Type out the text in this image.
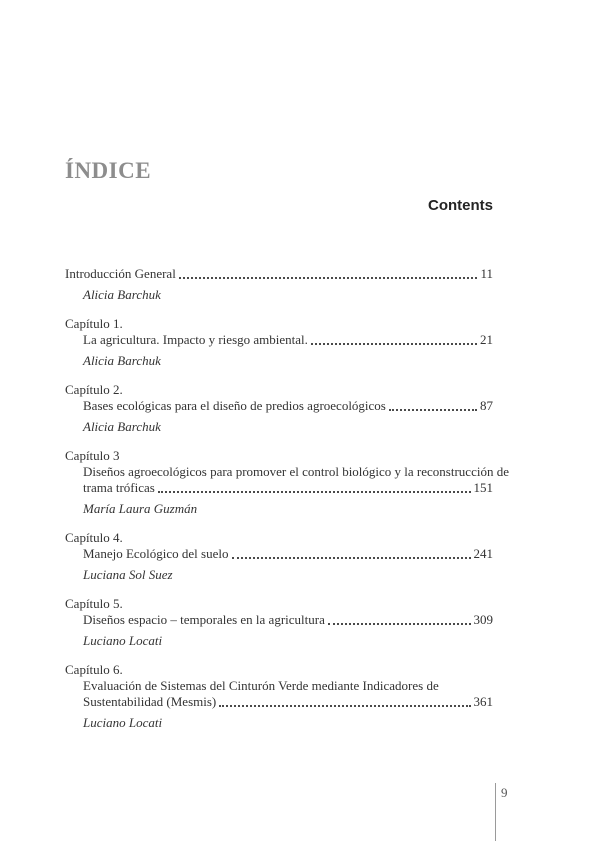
ÍNDICE
Contents
Introducción General	11
Alicia Barchuk
Capítulo 1.
La agricultura. Impacto y riesgo ambiental.	21
Alicia Barchuk
Capítulo 2.
Bases ecológicas para el diseño de predios agroecológicos	87
Alicia Barchuk
Capítulo 3
Diseños agroecológicos para promover el control biológico y la reconstrucción de
trama tróficas	151
María Laura Guzmán
Capítulo 4.
Manejo Ecológico del suelo	241
Luciana Sol Suez
Capítulo 5.
Diseños espacio – temporales en la agricultura	309
Luciano Locati
Capítulo 6.
Evaluación de Sistemas del Cinturón Verde mediante Indicadores de
Sustentabilidad (Mesmis)	361
Luciano Locati
9
